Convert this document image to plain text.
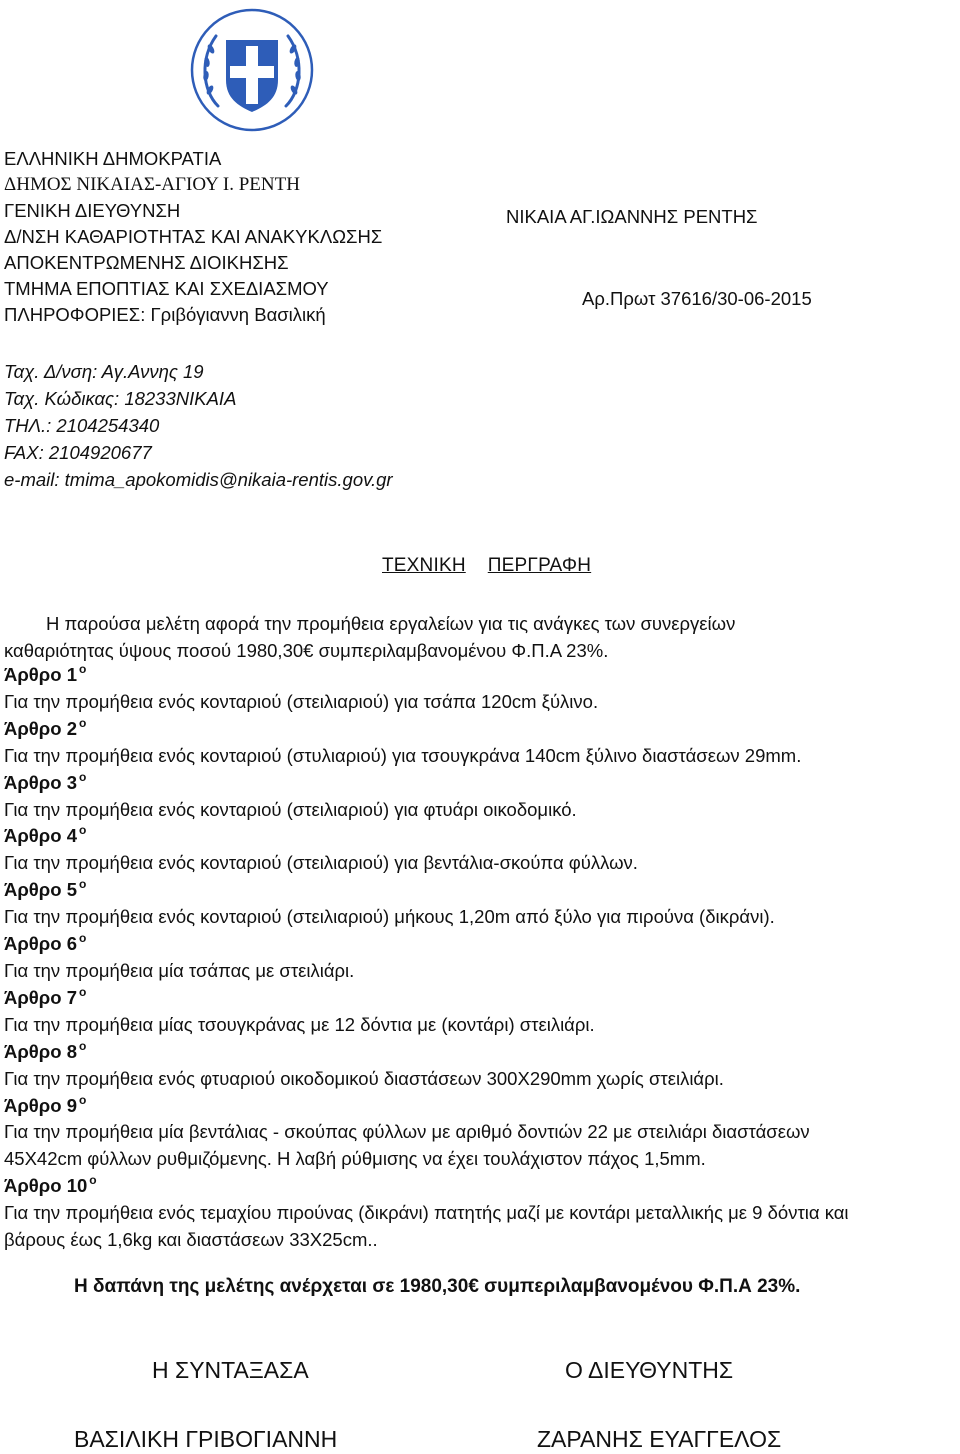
ΕΛΛΗΝΙΚΗ ΔΗΜΟΚΡΑΤΙΑ
ΔΗΜΟΣ ΝΙΚΑΙΑΣ-ΑΓΙΟΥ Ι. ΡΕΝΤΗ
ΓΕΝΙΚΗ ΔΙΕΥΘΥΝΣΗ
Δ/ΝΣΗ ΚΑΘΑΡΙΟΤΗΤΑΣ ΚΑΙ ΑΝΑΚΥΚΛΩΣΗΣ
ΑΠΟΚΕΝΤΡΩΜΕΝΗΣ ΔΙΟΙΚΗΣΗΣ
ΤΜΗΜΑ ΕΠΟΠΤΙΑΣ ΚΑΙ ΣΧΕΔΙΑΣΜΟΥ
ΠΛΗΡΟΦΟΡΙΕΣ: Γριβόγιαννη Βασιλική
ΝΙΚΑΙΑ ΑΓ.ΙΩΑΝΝΗΣ ΡΕΝΤΗΣ
Αρ.Πρωτ 37616/30-06-2015
Ταχ. Δ/νση: Αγ.Αννης 19
Ταχ. Κώδικας: 18233ΝΙΚΑΙΑ
ΤΗΛ.: 2104254340
FAX: 2104920677
e-mail: tmima_apokomidis@nikaia-rentis.gov.gr
ΤΕΧΝΙΚΗ ΠΕΡΓΡΑΦΗ
Η παρούσα μελέτη αφορά την προμήθεια εργαλείων για τις ανάγκες των συνεργείων
καθαριότητας ύψους ποσού 1980,30€ συμπεριλαμβανομένου Φ.Π.Α 23%.
Άρθρο 1 $^o$
Για την προμήθεια ενός κονταριού (στειλιαριού) για τσάπα 120cm ξύλινο.
Άρθρο 2 $^o$
Για την προμήθεια ενός κονταριού (στυλιαριού) για τσουγκράνα 140cm ξύλινο διαστάσεων 29mm.
Άρθρο 3 $^o$
Για την προμήθεια ενός κονταριού (στειλιαριού) για φτυάρι οικοδομικό.
Άρθρο 4 $^o$
Για την προμήθεια ενός κονταριού (στειλιαριού) για βεντάλια-σκούπα φύλλων.
Άρθρο 5 $^o$
Για την προμήθεια ενός κονταριού (στειλιαριού) μήκους 1,20m από ξύλο για πιρούνα (δικράνι).
Άρθρο 6 $^o$
Για την προμήθεια μία τσάπας με στειλιάρι.
Άρθρο 7 $^o$
Για την προμήθεια μίας τσουγκράνας με 12 δόντια με (κοντάρι) στειλιάρι.
Άρθρο 8 $^o$
Για την προμήθεια ενός φτυαριού οικοδομικού διαστάσεων 300Χ290mm χωρίς στειλιάρι.
Άρθρο 9 $^o$
Για την προμήθεια μία βεντάλιας - σκούπας φύλλων με αριθμό δοντιών 22 με στειλιάρι διαστάσεων
45Χ42cm φύλλων ρυθμιζόμενης. Η λαβή ρύθμισης να έχει τουλάχιστον πάχος 1,5mm.
Άρθρο 10 $^o$
Για την προμήθεια ενός τεμαχίου πιρούνας (δικράνι) πατητής μαζί με κοντάρι μεταλλικής με 9 δόντια και
βάρους έως 1,6kg και διαστάσεων 33Χ25cm..
Η δαπάνη της μελέτης ανέρχεται σε 1980,30€ συμπεριλαμβανομένου Φ.Π.Α 23%.
Η ΣΥΝΤΑΞΑΣΑ	Ο ΔΙΕΥΘΥΝΤΗΣ
ΒΑΣΙΛΙΚΗ ΓΡΙΒΟΓΙΑΝΝΗ	ΖΑΡΑΝΗΣ ΕΥΑΓΓΕΛΟΣ
